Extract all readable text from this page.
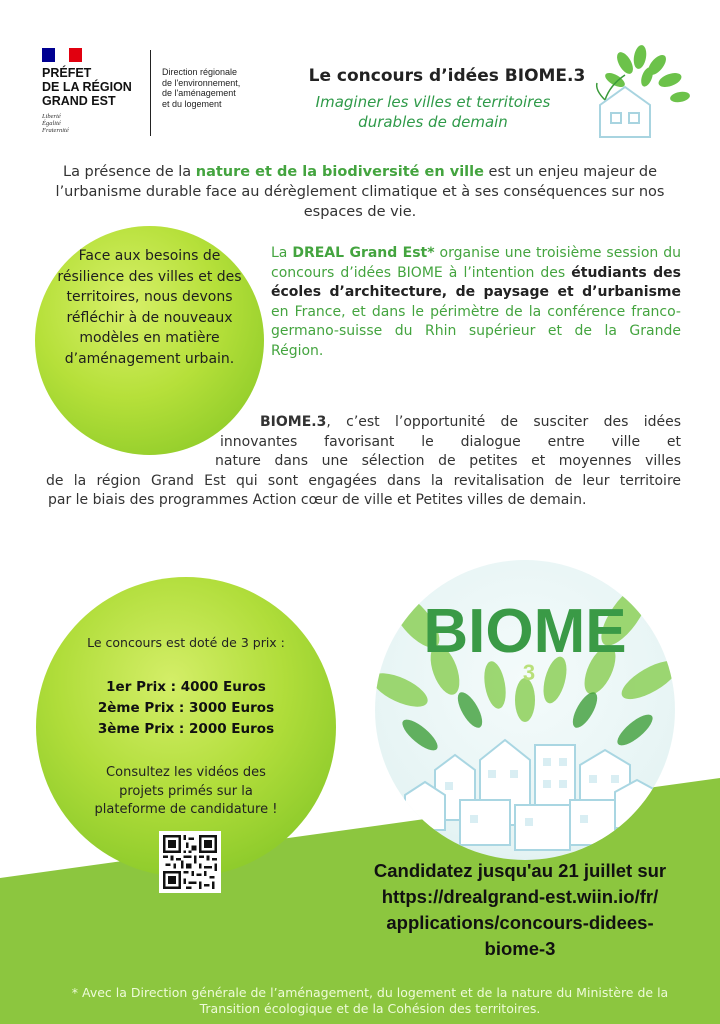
PRÉFET
DE LA RÉGION
GRAND EST
Liberté
Égalité
Fraternité
Direction régionale
de l'environnement,
de l'aménagement
et du logement
Le concours d’idées BIOME.3
Imaginer les villes et territoires
durables de demain
La présence de la nature et de la biodiversité en ville est un enjeu majeur de l’urbanisme durable face au dérèglement climatique et à ses conséquences sur nos espaces de vie.

Face aux besoins de résilience des villes et des territoires, nous devons réfléchir à de nouveaux modèles en matière d’aménagement urbain.

La DREAL Grand Est* organise une troisième session du concours d’idées BIOME à l’intention des étudiants des écoles d’architecture, de paysage et d’urbanisme en France, et dans le périmètre de la conférence franco-germano-suisse du Rhin supérieur et de la Grande Région.
BIOME.3, c’est l’opportunité de susciter des idées
innovantes favorisant le dialogue entre ville et
nature dans une sélection de petites et moyennes villes
de la région Grand Est qui sont engagées dans la revitalisation de leur territoire
par le biais des programmes Action cœur de ville et Petites villes de demain.
BIOME
3
Le concours est doté de 3 prix :
1er Prix : 4000 Euros
2ème Prix : 3000 Euros
3ème Prix : 2000 Euros
Consultez les vidéos des projets primés sur la plateforme de candidature !
Candidatez jusqu'au 21 juillet sur
https://drealgrand-est.wiin.io/fr/
applications/concours-didees-
biome-3
* Avec la Direction générale de l’aménagement, du logement et de la nature du Ministère de la Transition écologique et de la Cohésion des territoires.
